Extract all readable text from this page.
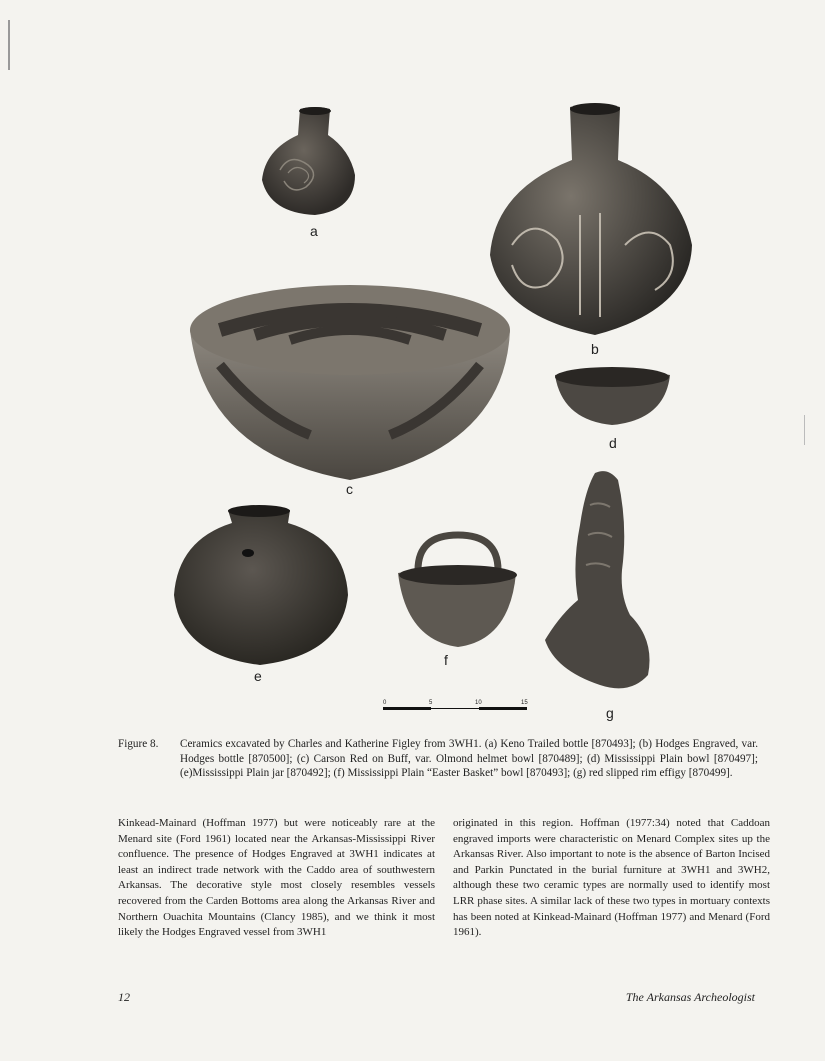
a
b
c
d
e
f
g
0	5	10	15
Figure 8. Ceramics excavated by Charles and Katherine Figley from 3WH1. (a) Keno Trailed bottle [870493]; (b) Hodges Engraved, var. Hodges bottle [870500]; (c) Carson Red on Buff, var. Olmond helmet bowl [870489]; (d) Mississippi Plain bowl [870497]; (e)Mississippi Plain jar [870492]; (f) Mississippi Plain “Easter Basket” bowl [870493]; (g) red slipped rim effigy [870499].
Kinkead-Mainard (Hoffman 1977) but were noticeably rare at the Menard site (Ford 1961) located near the Arkansas-Mississippi River confluence. The presence of Hodges Engraved at 3WH1 indicates at least an indirect trade network with the Caddo area of southwestern Arkansas. The decorative style most closely resembles vessels recovered from the Carden Bottoms area along the Arkansas River and Northern Ouachita Mountains (Clancy 1985), and we think it most likely the Hodges Engraved vessel from 3WH1
originated in this region. Hoffman (1977:34) noted that Caddoan engraved imports were characteristic on Menard Complex sites up the Arkansas River. Also important to note is the absence of Barton Incised and Parkin Punctated in the burial furniture at 3WH1 and 3WH2, although these two ceramic types are normally used to identify most LRR phase sites. A similar lack of these two types in mortuary contexts has been noted at Kinkead-Mainard (Hoffman 1977) and Menard (Ford 1961).
12	The Arkansas Archeologist
